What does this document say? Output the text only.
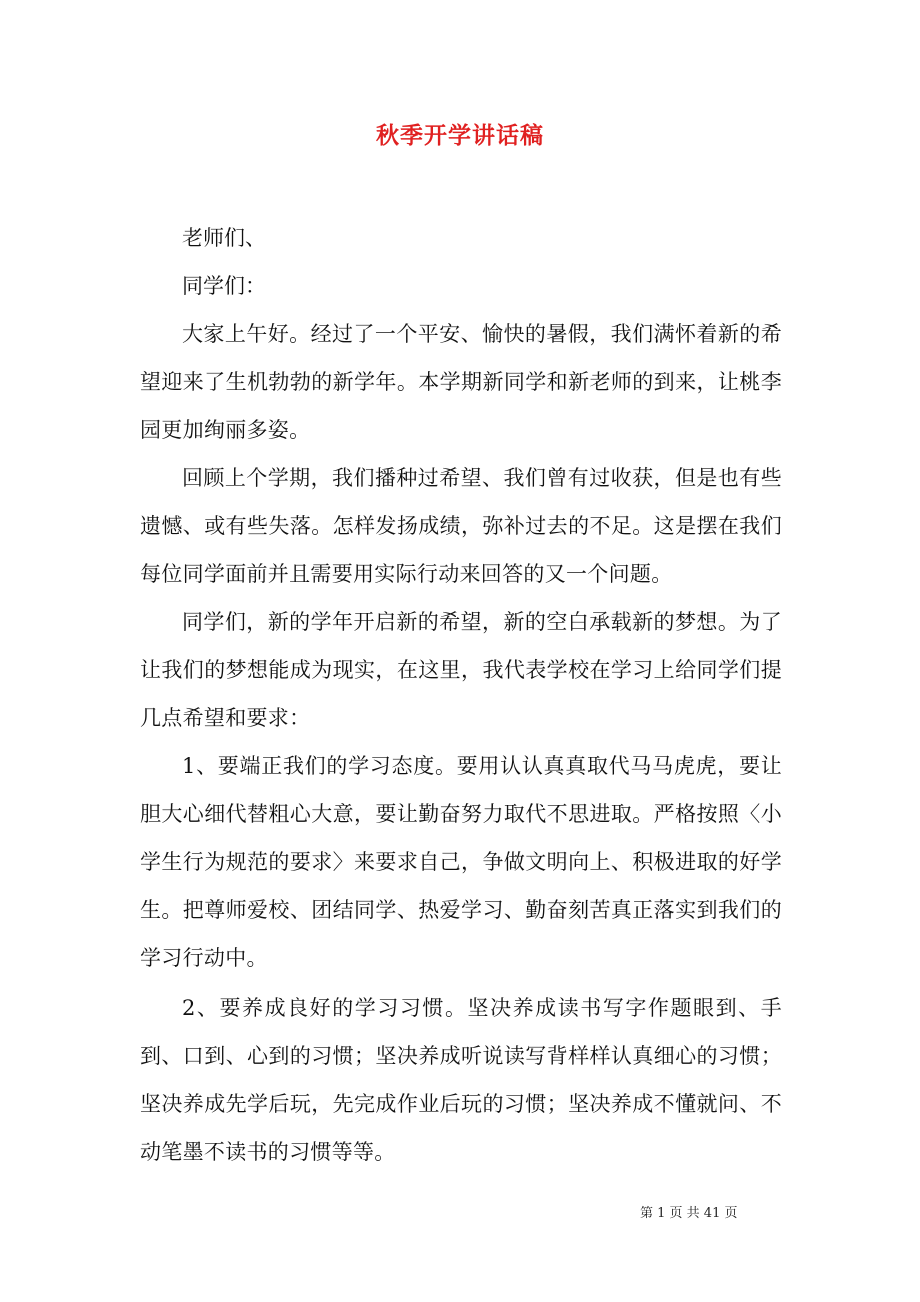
秋季开学讲话稿

老师们、

同学们：

大家上午好。经过了一个平安、愉快的暑假，我们满怀着新的希望迎来了生机勃勃的新学年。本学期新同学和新老师的到来，让桃李园更加绚丽多姿。

回顾上个学期，我们播种过希望、我们曾有过收获，但是也有些遗憾、或有些失落。怎样发扬成绩，弥补过去的不足。这是摆在我们每位同学面前并且需要用实际行动来回答的又一个问题。

同学们，新的学年开启新的希望，新的空白承载新的梦想。为了让我们的梦想能成为现实，在这里，我代表学校在学习上给同学们提几点希望和要求：

1、要端正我们的学习态度。要用认认真真取代马马虎虎，要让胆大心细代替粗心大意，要让勤奋努力取代不思进取。严格按照〈小学生行为规范的要求〉来要求自己，争做文明向上、积极进取的好学生。把尊师爱校、团结同学、热爱学习、勤奋刻苦真正落实到我们的学习行动中。

2、要养成良好的学习习惯。坚决养成读书写字作题眼到、手到、口到、心到的习惯；坚决养成听说读写背样样认真细心的习惯；坚决养成先学后玩，先完成作业后玩的习惯；坚决养成不懂就问、不动笔墨不读书的习惯等等。

第 1 页 共 41 页
